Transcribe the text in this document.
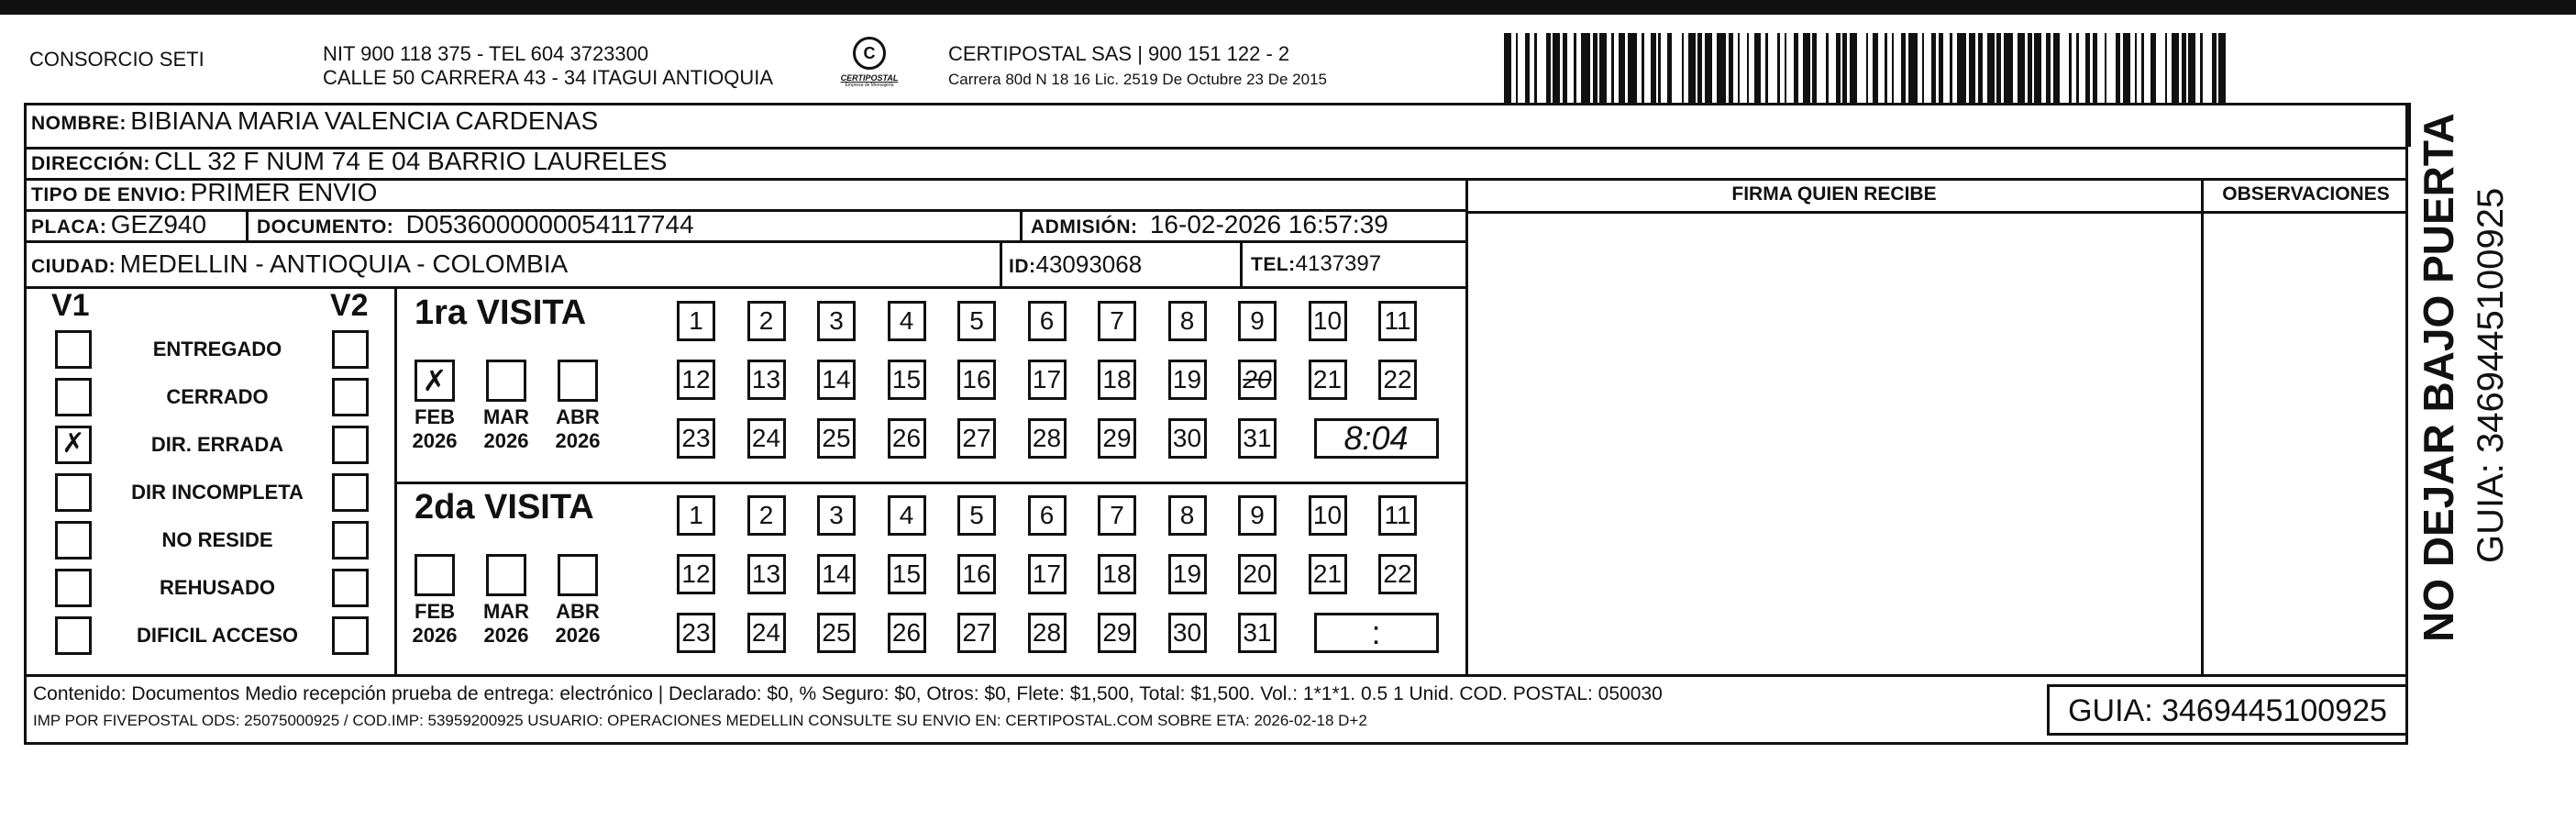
CONSORCIO SETI	NIT 900 118 375 - TEL 604 3723300
CALLE 50 CARRERA 43 - 34 ITAGUI ANTIOQUIA
C
CERTIPOSTAL
Empresa de Mensajería
CERTIPOSTAL SAS | 900 151 122 - 2
Carrera 80d N 18 16 Lic. 2519 De Octubre 23 De 2015
NOMBRE: BIBIANA MARIA VALENCIA CARDENAS
DIRECCIÓN: CLL 32 F NUM 74 E 04 BARRIO LAURELES
TIPO DE ENVIO: PRIMER ENVIO
PLACA: GEZ940	DOCUMENTO: D0536000000054117744	ADMISIÓN: 16-02-2026 16:57:39
CIUDAD: MEDELLIN - ANTIOQUIA - COLOMBIA	ID:43093068	TEL:4137397
FIRMA QUIEN RECIBE	OBSERVACIONES
V1	V2
ENTREGADO
CERRADO
✗	DIR. ERRADA
DIR INCOMPLETA
NO RESIDE
REHUSADO
DIFICIL ACCESO
1ra VISITA
✗
FEB
2026
MAR
2026
ABR
2026
1	2	3	4	5	6	7	8	9	10 11
12 13 14 15 16 17 18 19 20 21 22
23 24 25 26 27 28 29 30 31	8:04
2da VISITA
FEB
2026
MAR
2026
ABR
2026
1	2	3	4	5	6	7	8	9	10 11
12 13 14 15 16 17 18 19 20 21 22
23 24 25 26 27 28 29 30 31	:
Contenido: Documentos Medio recepción prueba de entrega: electrónico | Declarado: $0, % Seguro: $0, Otros: $0, Flete: $1,500, Total: $1,500. Vol.: 1*1*1. 0.5 1 Unid. COD. POSTAL: 050030
IMP POR FIVEPOSTAL ODS: 25075000925 / COD.IMP: 53959200925 USUARIO: OPERACIONES MEDELLIN CONSULTE SU ENVIO EN: CERTIPOSTAL.COM SOBRE ETA: 2026-02-18 D+2	GUIA: 3469445100925
NO DEJAR BAJO PUERTA GUIA: 3469445100925
